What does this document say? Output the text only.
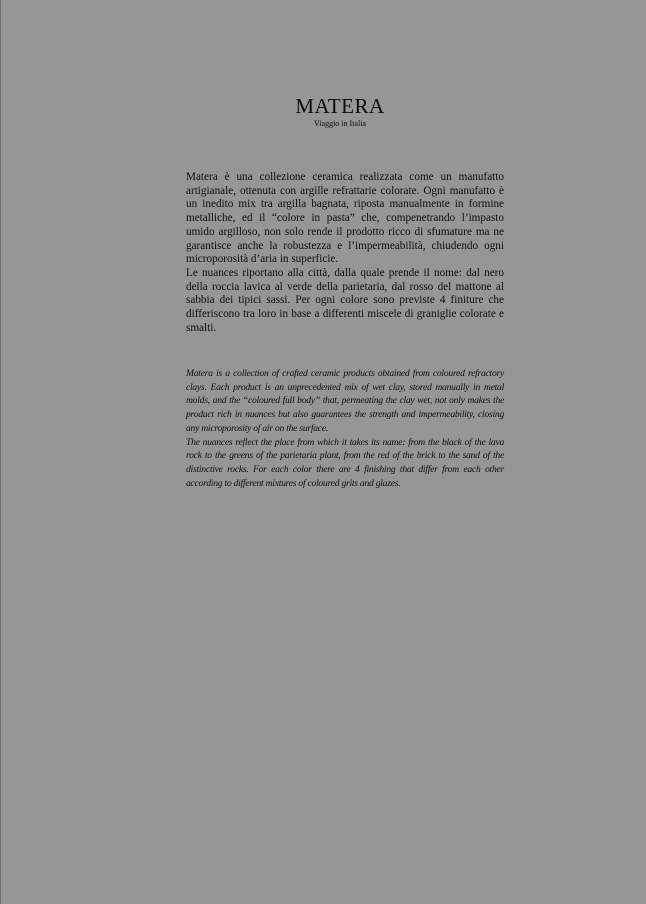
MATERA
Viaggio in Italia

Matera è una collezione ceramica realizzata come un manufatto artigianale, ottenuta con argille refrattarie colorate. Ogni manufatto è un inedito mix tra argilla bagnata, riposta manualmente in formine metalliche, ed il “colore in pasta” che, compenetrando l’impasto umido argilloso, non solo rende il prodotto ricco di sfumature ma ne garantisce anche la robustezza e l’impermeabilità, chiudendo ogni microporosità d’aria in superficie.

Le nuances riportano alla città, dalla quale prende il nome: dal nero della roccia lavica al verde della parietaria, dal rosso del mattone al sabbia dei tipici sassi. Per ogni colore sono previste 4 finiture che differiscono tra loro in base a differenti miscele di graniglie colorate e smalti.

Matera is a collection of crafted ceramic products obtained from coloured refractory clays. Each product is an unprecedented mix of wet clay, stored manually in metal molds, and the “coloured full body” that, permeating the clay wet, not only makes the product rich in nuances but also guarantees the strength and impermeability, closing any microporosity of air on the surface.

The nuances reflect the place from which it takes its name: from the black of the lava rock to the greens of the parietaria plant, from the red of the brick to the sand of the distinctive rocks. For each color there are 4 finishing that differ from each other according to different mixtures of coloured grits and glazes.
